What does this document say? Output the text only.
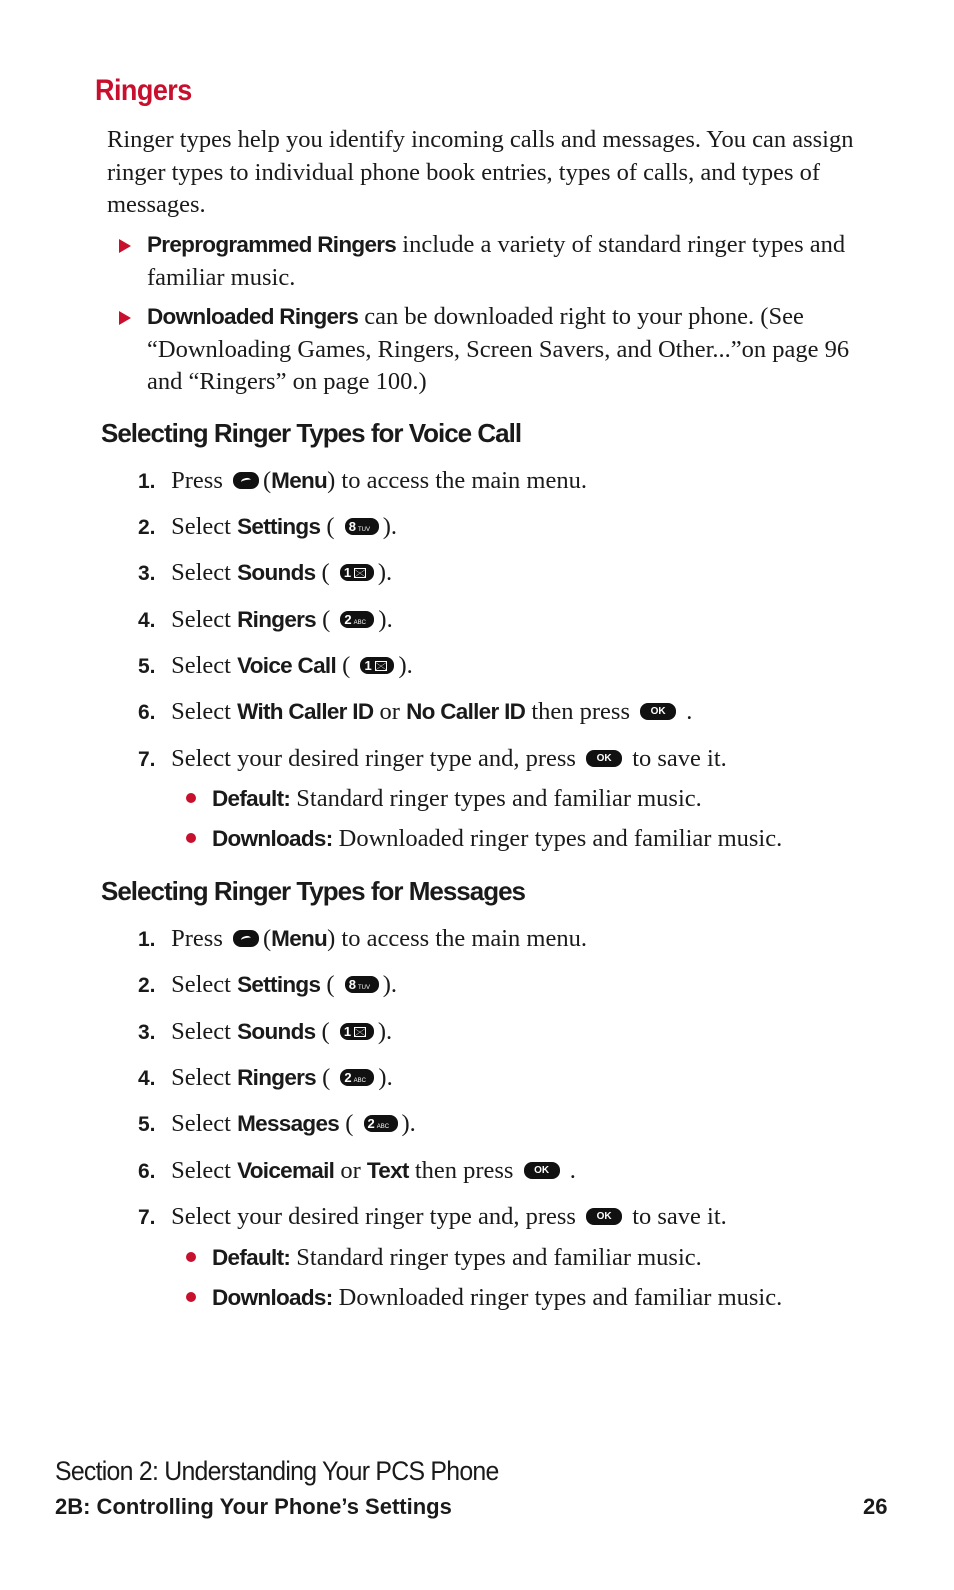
Ringers

Ringer types help you identify incoming calls and messages. You can assign ringer types to individual phone book entries, types of calls, and types of messages.

Preprogrammed Ringers include a variety of standard ringer types and familiar music.

Downloaded Ringers can be downloaded right to your phone. (See “Downloading Games, Ringers, Screen Savers, and Other...”on page 96 and “Ringers” on page 100.)

Selecting Ringer Types for Voice Call
1. Press (Menu) to access the main menu.
2. Select Settings ( 8 TUV ).
3. Select Sounds ( 1 ).
4. Select Ringers ( 2 ABC ).
5. Select Voice Call ( 1 ).
6. Select With Caller ID or No Caller ID then press OK .
7. Select your desired ringer type and, press OK to save it.
Default: Standard ringer types and familiar music.
Downloads: Downloaded ringer types and familiar music.
Selecting Ringer Types for Messages
1. Press (Menu) to access the main menu.
2. Select Settings ( 8 TUV ).
3. Select Sounds ( 1 ).
4. Select Ringers ( 2 ABC ).
5. Select Messages ( 2 ABC ).
6. Select Voicemail or Text then press OK .
7. Select your desired ringer type and, press OK to save it.
Default: Standard ringer types and familiar music.
Downloads: Downloaded ringer types and familiar music.

Section 2: Understanding Your PCS Phone

2B: Controlling Your Phone’s Settings	26
